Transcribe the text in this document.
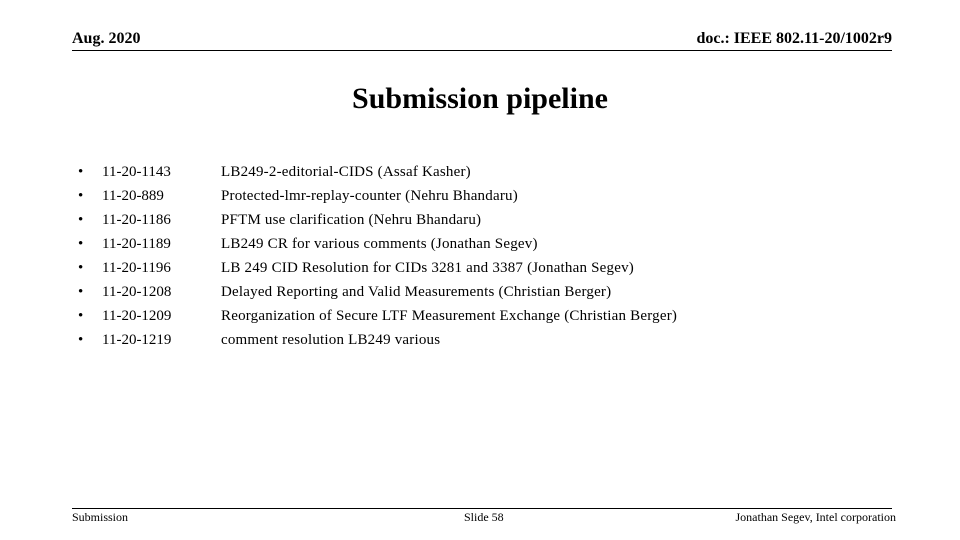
Aug. 2020	doc.: IEEE 802.11-20/1002r9
Submission pipeline
• 11-20-1143	LB249-2-editorial-CIDS (Assaf Kasher)
• 11-20-889	Protected-lmr-replay-counter (Nehru Bhandaru)
• 11-20-1186	PFTM use clarification (Nehru Bhandaru)
• 11-20-1189	LB249 CR for various comments (Jonathan Segev)
• 11-20-1196	LB 249 CID Resolution for CIDs 3281 and 3387 (Jonathan Segev)
• 11-20-1208	Delayed Reporting and Valid Measurements (Christian Berger)
• 11-20-1209	Reorganization of Secure LTF Measurement Exchange (Christian Berger)
• 11-20-1219	comment resolution LB249 various
Submission	Slide 58	Jonathan Segev, Intel corporation
